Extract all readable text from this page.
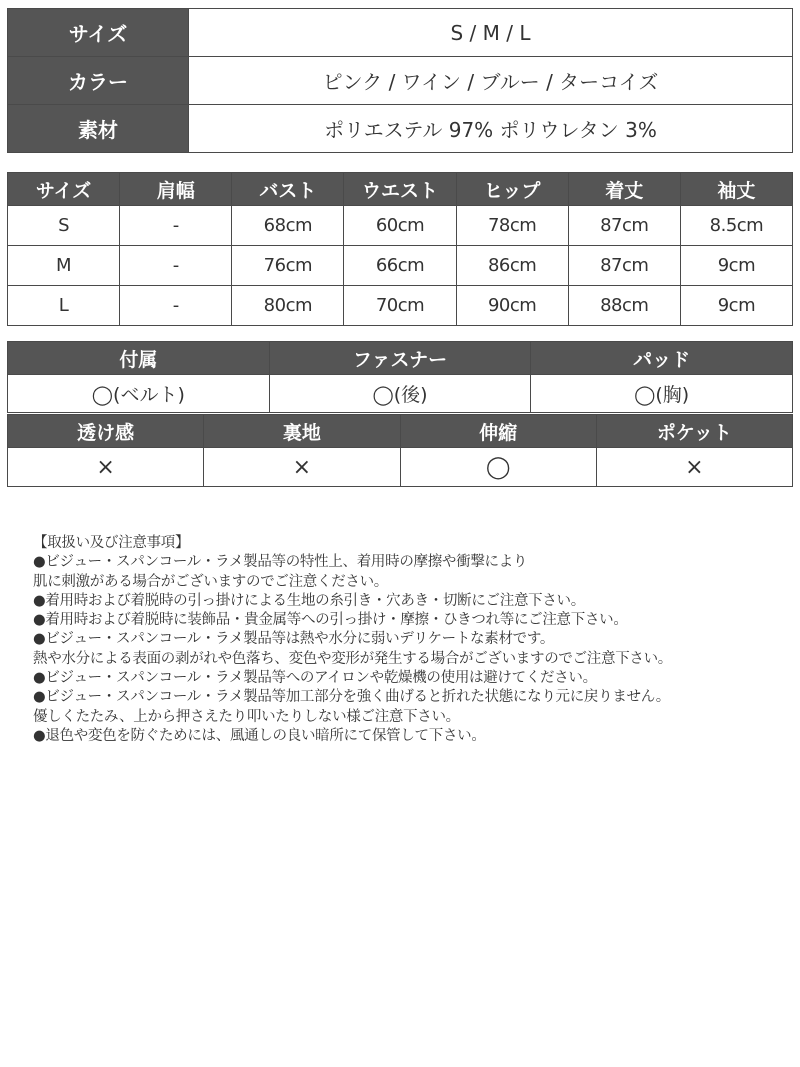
サイズ	S / M / L
カラー	ピンク / ワイン / ブルー / ターコイズ
素材	ポリエステル 97% ポリウレタン 3%
サイズ	肩幅	バスト	ウエスト	ヒップ	着丈	袖丈
S	-	68cm	60cm	78cm	87cm	8.5cm
M	-	76cm	66cm	86cm	87cm	9cm
L	-	80cm	70cm	90cm	88cm	9cm
付属	ファスナー	パッド
◯(ベルト)	◯(後)	◯(胸)
透け感	裏地	伸縮	ポケット
×	×	◯	×
【取扱い及び注意事項】
●ビジュー・スパンコール・ラメ製品等の特性上、着用時の摩擦や衝撃により
肌に刺激がある場合がございますのでご注意ください。
●着用時および着脱時の引っ掛けによる生地の糸引き・穴あき・切断にご注意下さい。
●着用時および着脱時に装飾品・貴金属等への引っ掛け・摩擦・ひきつれ等にご注意下さい。
●ビジュー・スパンコール・ラメ製品等は熱や水分に弱いデリケートな素材です。
熱や水分による表面の剥がれや色落ち、変色や変形が発生する場合がございますのでご注意下さい。
●ビジュー・スパンコール・ラメ製品等へのアイロンや乾燥機の使用は避けてください。
●ビジュー・スパンコール・ラメ製品等加工部分を強く曲げると折れた状態になり元に戻りません。
優しくたたみ、上から押さえたり叩いたりしない様ご注意下さい。
●退色や変色を防ぐためには、風通しの良い暗所にて保管して下さい。
